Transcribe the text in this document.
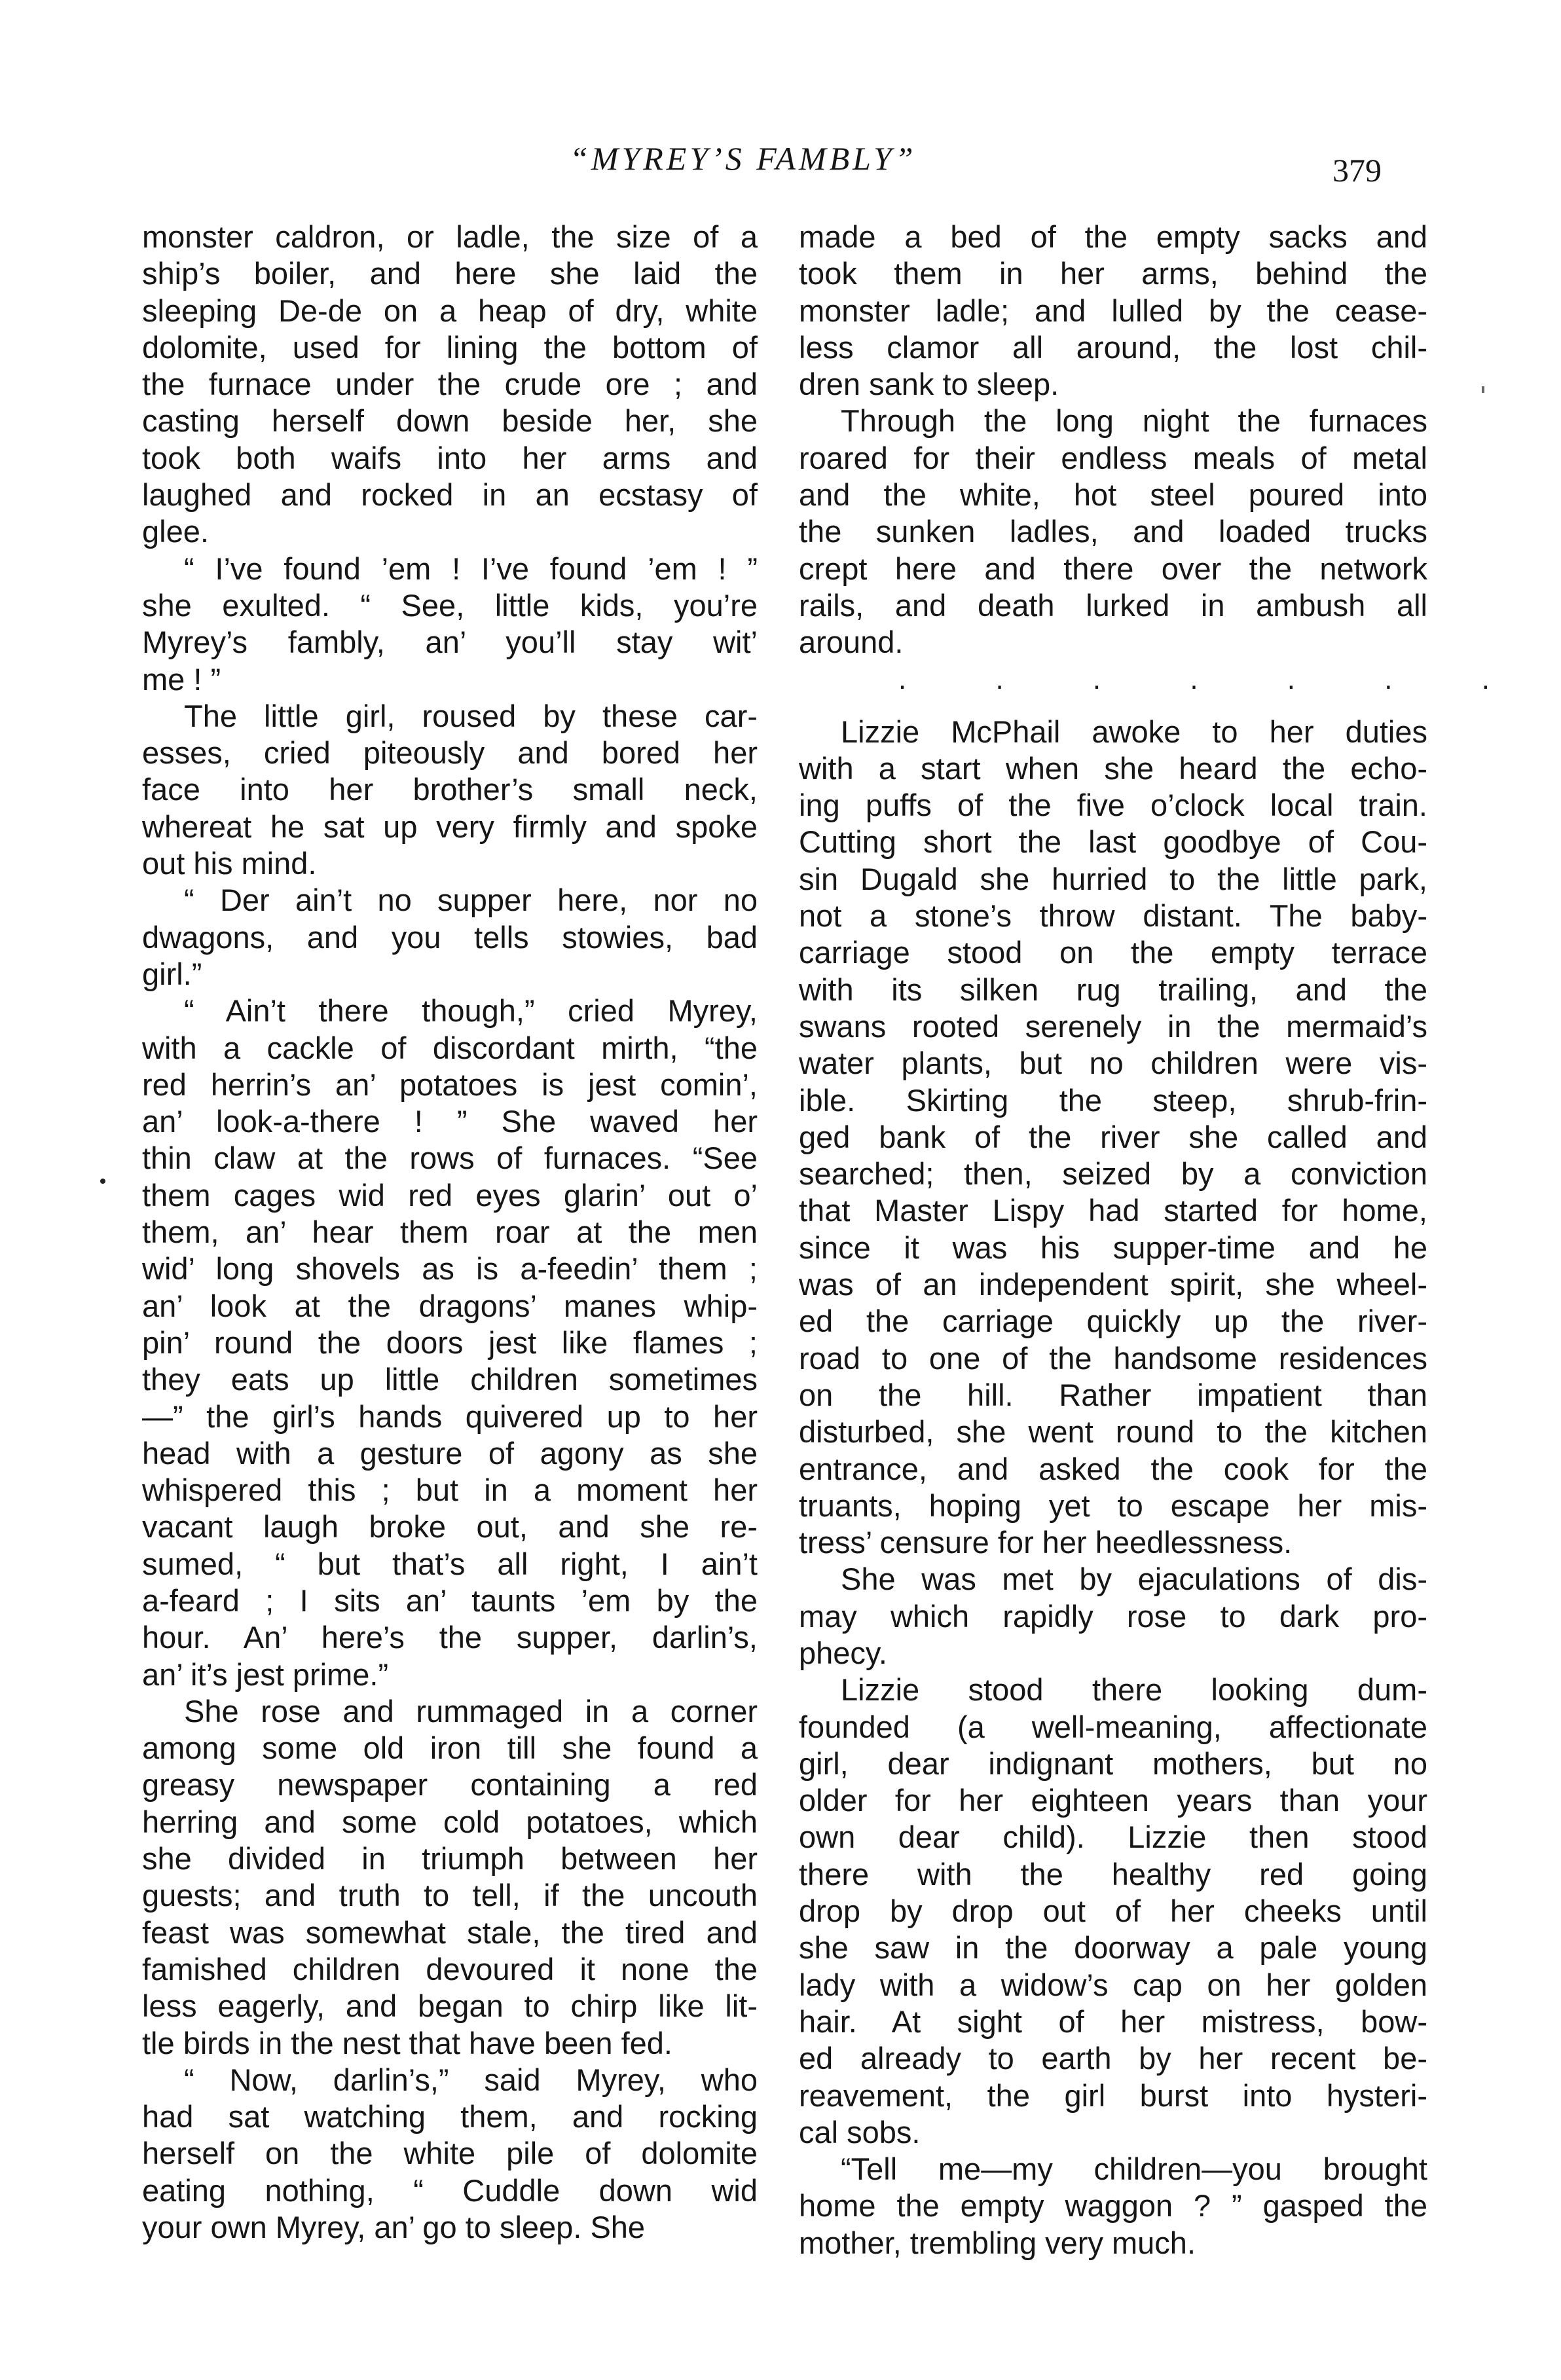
“MYREY’S FAMBLY”	379
monster caldron, or ladle, the size of a
ship’s boiler, and here she laid the
sleeping De-de on a heap of dry, white
dolomite, used for lining the bottom of
the furnace under the crude ore ; and
casting herself down beside her, she
took both waifs into her arms and
laughed and rocked in an ecstasy of
glee.
“ I’ve found ’em ! I’ve found ’em ! ”
she exulted. “ See, little kids, you’re
Myrey’s fambly, an’ you’ll stay wit’
me ! ”
The little girl, roused by these car-
esses, cried piteously and bored her
face into her brother’s small neck,
whereat he sat up very firmly and spoke
out his mind.
“ Der ain’t no supper here, nor no
dwagons, and you tells stowies, bad
girl.”
“ Ain’t there though,” cried Myrey,
with a cackle of discordant mirth, “the
red herrin’s an’ potatoes is jest comin’,
an’ look-a-there ! ” She waved her
thin claw at the rows of furnaces. “See
them cages wid red eyes glarin’ out o’
them, an’ hear them roar at the men
wid’ long shovels as is a-feedin’ them ;
an’ look at the dragons’ manes whip-
pin’ round the doors jest like flames ;
they eats up little children sometimes
—” the girl’s hands quivered up to her
head with a gesture of agony as she
whispered this ; but in a moment her
vacant laugh broke out, and she re-
sumed, “ but that’s all right, I ain’t
a-feard ; I sits an’ taunts ’em by the
hour. An’ here’s the supper, darlin’s,
an’ it’s jest prime.”
She rose and rummaged in a corner
among some old iron till she found a
greasy newspaper containing a red
herring and some cold potatoes, which
she divided in triumph between her
guests; and truth to tell, if the uncouth
feast was somewhat stale, the tired and
famished children devoured it none the
less eagerly, and began to chirp like lit-
tle birds in the nest that have been fed.
“ Now, darlin’s,” said Myrey, who
had sat watching them, and rocking
herself on the white pile of dolomite
eating nothing, “ Cuddle down wid
your own Myrey, an’ go to sleep. She
made a bed of the empty sacks and
took them in her arms, behind the
monster ladle; and lulled by the cease-
less clamor all around, the lost chil-
dren sank to sleep.
Through the long night the furnaces
roared for their endless meals of metal
and the white, hot steel poured into
the sunken ladles, and loaded trucks
crept here and there over the network
rails, and death lurked in ambush all
around.
. . . . . . .
Lizzie McPhail awoke to her duties
with a start when she heard the echo-
ing puffs of the five o’clock local train.
Cutting short the last goodbye of Cou-
sin Dugald she hurried to the little park,
not a stone’s throw distant. The baby-
carriage stood on the empty terrace
with its silken rug trailing, and the
swans rooted serenely in the mermaid’s
water plants, but no children were vis-
ible. Skirting the steep, shrub-frin-
ged bank of the river she called and
searched; then, seized by a conviction
that Master Lispy had started for home,
since it was his supper-time and he
was of an independent spirit, she wheel-
ed the carriage quickly up the river-
road to one of the handsome residences
on the hill. Rather impatient than
disturbed, she went round to the kitchen
entrance, and asked the cook for the
truants, hoping yet to escape her mis-
tress’ censure for her heedlessness.
She was met by ejaculations of dis-
may which rapidly rose to dark pro-
phecy.
Lizzie stood there looking dum-
founded (a well-meaning, affectionate
girl, dear indignant mothers, but no
older for her eighteen years than your
own dear child). Lizzie then stood
there with the healthy red going
drop by drop out of her cheeks until
she saw in the doorway a pale young
lady with a widow’s cap on her golden
hair. At sight of her mistress, bow-
ed already to earth by her recent be-
reavement, the girl burst into hysteri-
cal sobs.
“Tell me—my children—you brought
home the empty waggon ? ” gasped the
mother, trembling very much.
